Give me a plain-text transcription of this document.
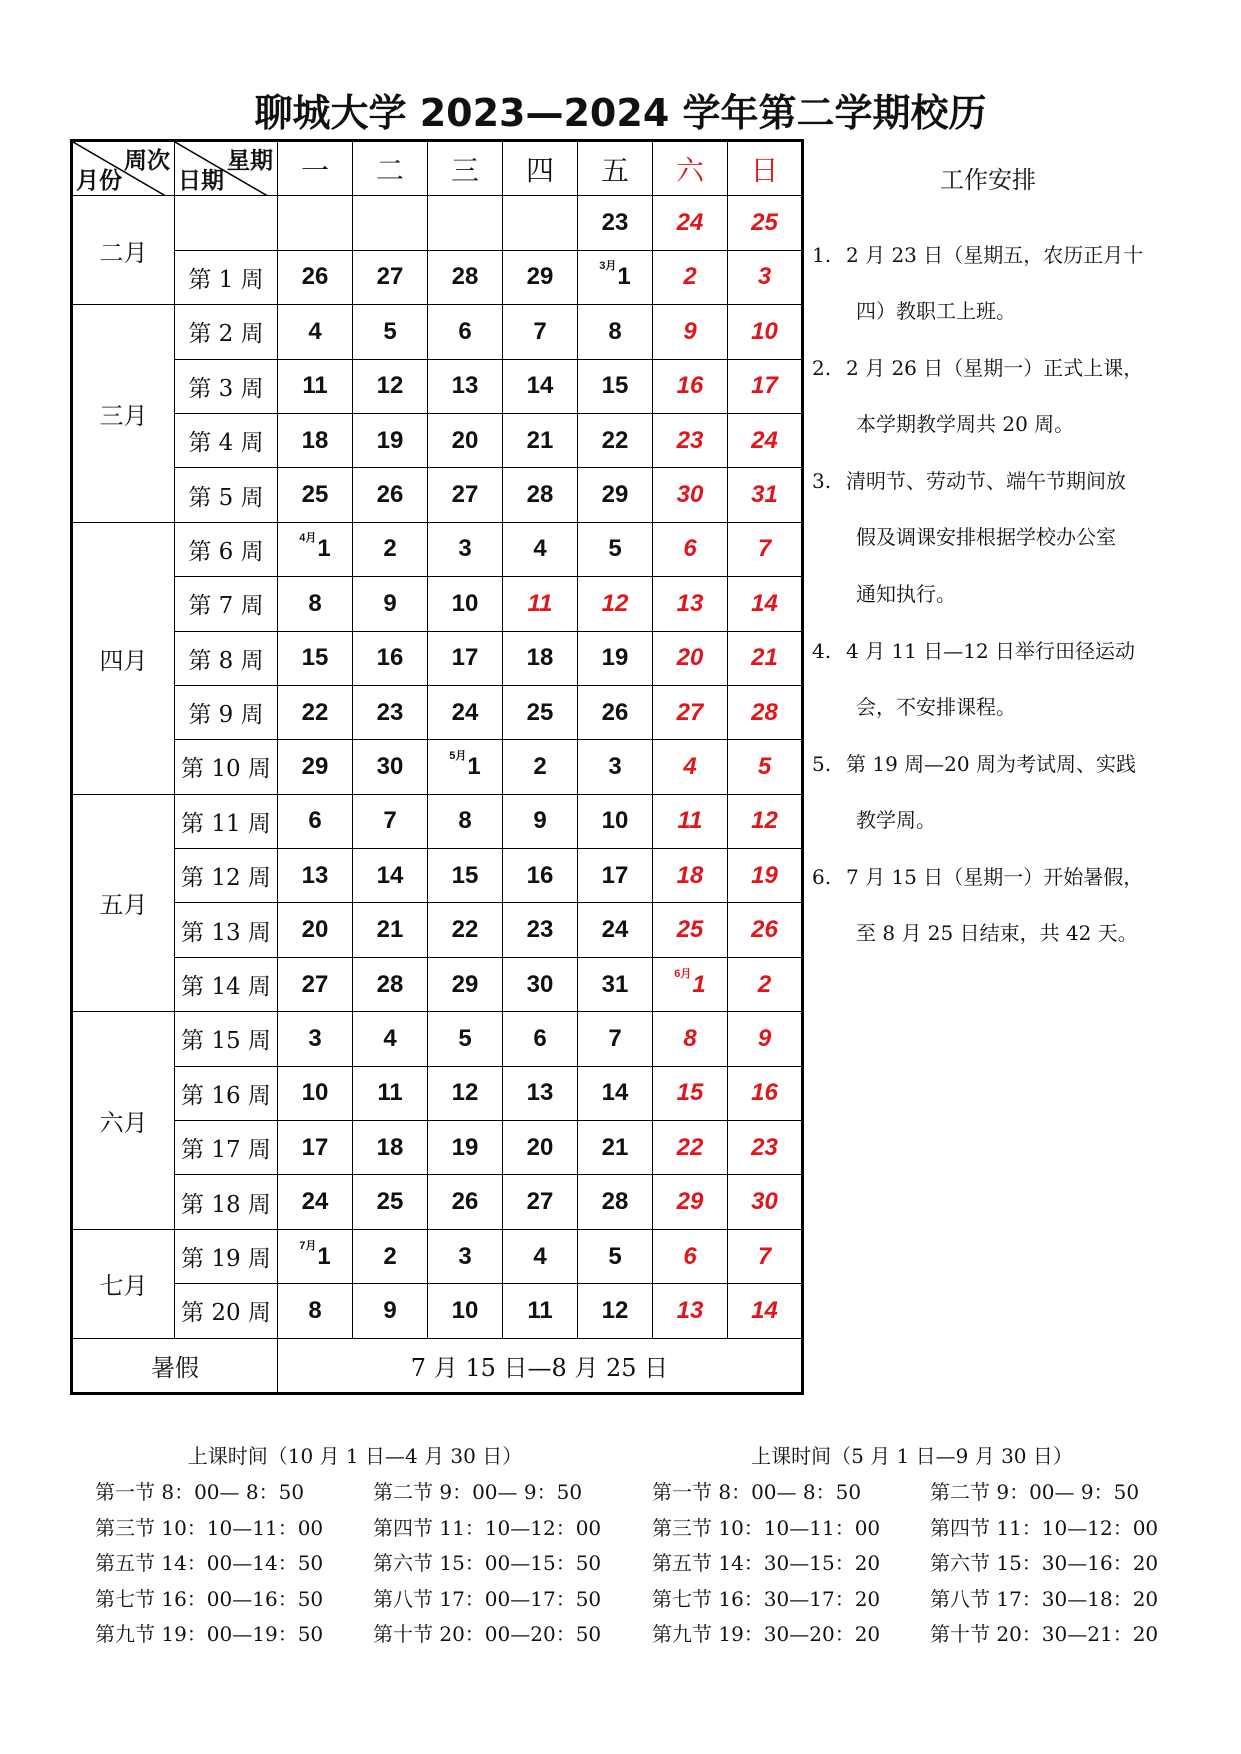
聊城大学 2023—2024 学年第二学期校历
周次
月份	星期
日期	一	二	三	四	五	六	日
二月						23	24	25
	第 1 周	26	27	28	29	$^{3月}$1	2	3
三月	第 2 周	4	5	6	7	8	9	10
	第 3 周	11	12	13	14	15	16	17
	第 4 周	18	19	20	21	22	23	24
	第 5 周	25	26	27	28	29	30	31
四月	第 6 周	$^{4月}$1	2	3	4	5	6	7
	第 7 周	8	9	10	11	12	13	14
	第 8 周	15	16	17	18	19	20	21
	第 9 周	22	23	24	25	26	27	28
	第 10 周	29	30	$^{5月}$1	2	3	4	5
五月	第 11 周	6	7	8	9	10	11	12
	第 12 周	13	14	15	16	17	18	19
	第 13 周	20	21	22	23	24	25	26
	第 14 周	27	28	29	30	31	$^{6月}$1	2
六月	第 15 周	3	4	5	6	7	8	9
	第 16 周	10	11	12	13	14	15	16
	第 17 周	17	18	19	20	21	22	23
	第 18 周	24	25	26	27	28	29	30
七月	第 19 周	$^{7月}$1	2	3	4	5	6	7
	第 20 周	8	9	10	11	12	13	14
暑假		7 月 15 日—8 月 25 日						
工作安排
1. 2 月 23 日（星期五，农历正月十
四）教职工上班。
2. 2 月 26 日（星期一）正式上课，
本学期教学周共 20 周。
3. 清明节、劳动节、端午节期间放
假及调课安排根据学校办公室
通知执行。
4. 4 月 11 日—12 日举行田径运动
会，不安排课程。
5. 第 19 周—20 周为考试周、实践
教学周。
6. 7 月 15 日（星期一）开始暑假，
至 8 月 25 日结束，共 42 天。
上课时间（10 月 1 日—4 月 30 日）
第一节 8：00— 8：50	第二节 9：00— 9：50
第三节 10：10—11：00 第四节 11：10—12：00
第五节 14：00—14：50 第六节 15：00—15：50
第七节 16：00—16：50 第八节 17：00—17：50
第九节 19：00—19：50 第十节 20：00—20：50
上课时间（5 月 1 日—9 月 30 日）
第一节 8：00— 8：50	第二节 9：00— 9：50
第三节 10：10—11：00 第四节 11：10—12：00
第五节 14：30—15：20 第六节 15：30—16：20
第七节 16：30—17：20 第八节 17：30—18：20
第九节 19：30—20：20 第十节 20：30—21：20
